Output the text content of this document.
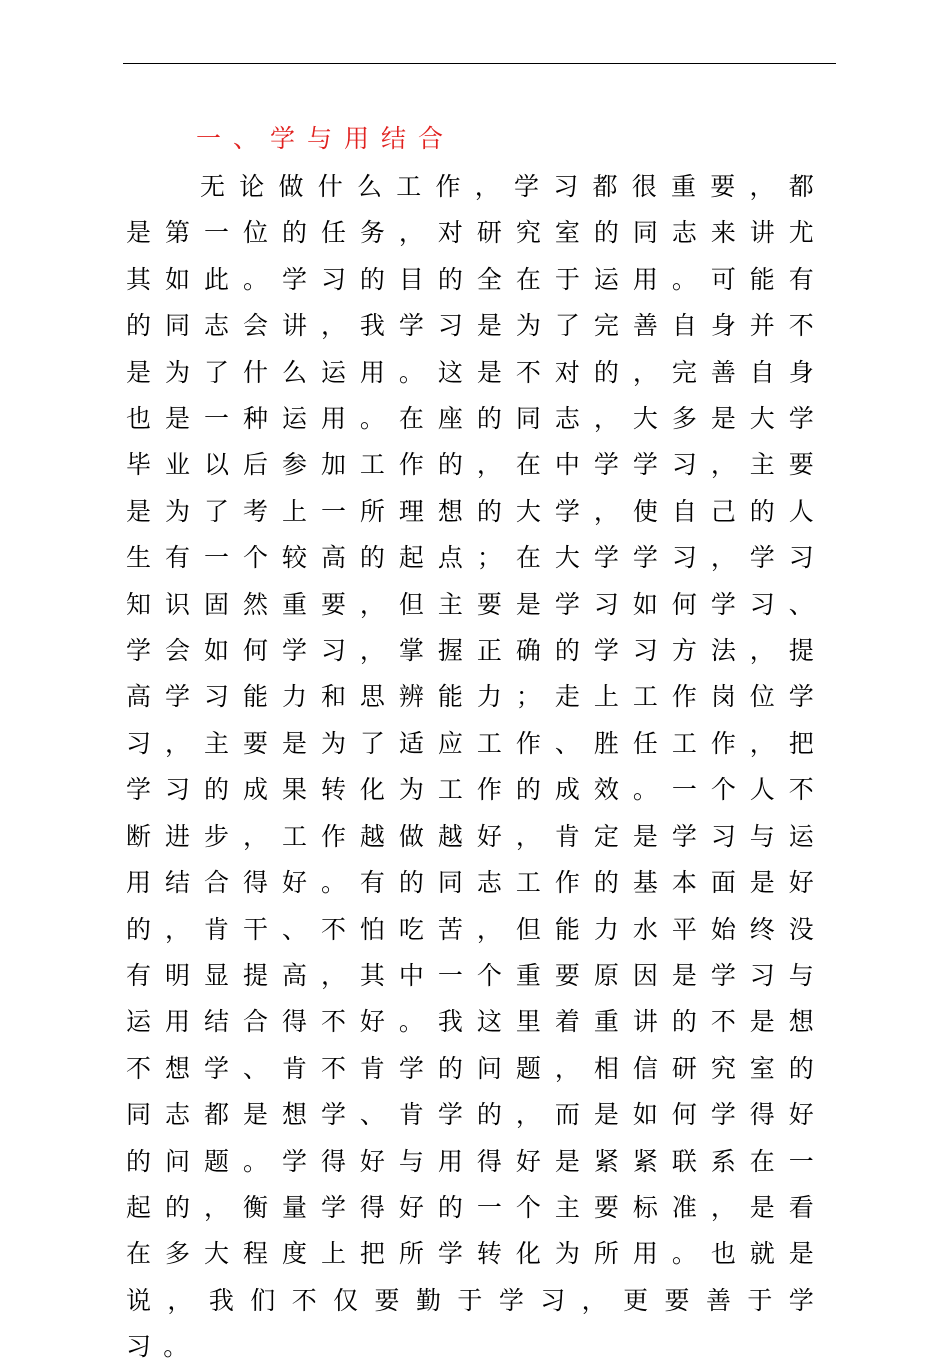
一、学与用结合

无论做什么工作，学习都很重要，都是第一位的任务，对研究室的同志来讲尤其如此。学习的目的全在于运用。可能有的同志会讲，我学习是为了完善自身并不是为了什么运用。这是不对的，完善自身也是一种运用。在座的同志，大多是大学毕业以后参加工作的，在中学学习，主要是为了考上一所理想的大学，使自己的人生有一个较高的起点；在大学学习，学习知识固然重要，但主要是学习如何学习、学会如何学习，掌握正确的学习方法，提高学习能力和思辨能力；走上工作岗位学习，主要是为了适应工作、胜任工作，把学习的成果转化为工作的成效。一个人不断进步，工作越做越好，肯定是学习与运用结合得好。有的同志工作的基本面是好的，肯干、不怕吃苦，但能力水平始终没有明显提高，其中一个重要原因是学习与运用结合得不好。我这里着重讲的不是想不想学、肯不肯学的问题，相信研究室的同志都是想学、肯学的，而是如何学得好的问题。学得好与用得好是紧紧联系在一起的，衡量学得好的一个主要标准，是看在多大程度上把所学转化为所用。也就是说，我们不仅要勤于学习，更要善于学习。
